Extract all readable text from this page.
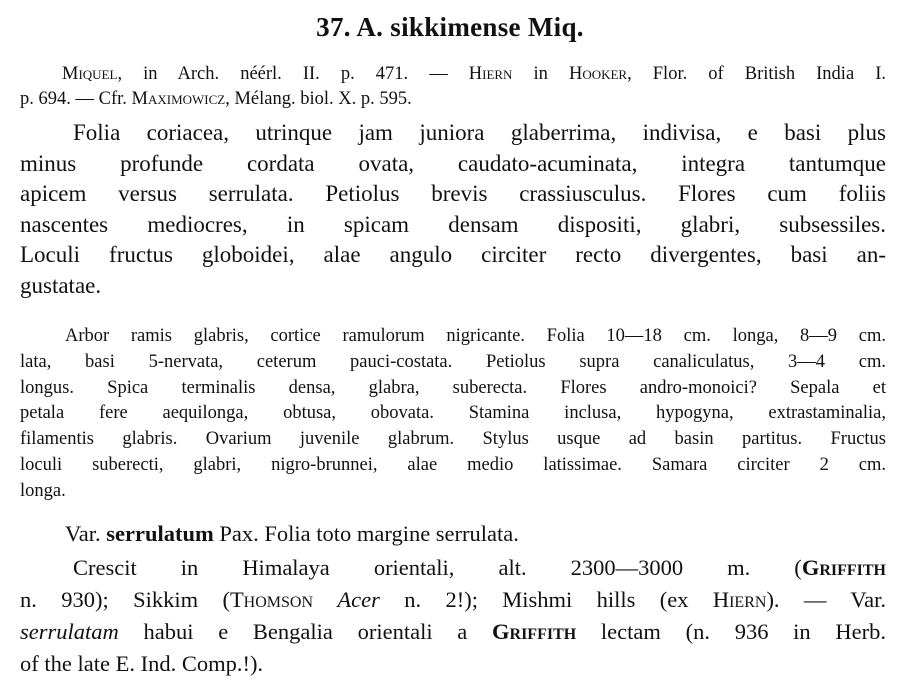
37. A. sikkimense Miq.
Miquel, in Arch. néérl. II. p. 471. — Hiern in Hooker, Flor. of British India I.
p. 694. — Cfr. Maximowicz, Mélang. biol. X. p. 595.
Folia coriacea, utrinque jam juniora glaberrima, indivisa, e basi plus
minus profunde cordata ovata, caudato-acuminata, integra tantumque
apicem versus serrulata. Petiolus brevis crassiusculus. Flores cum foliis
nascentes mediocres, in spicam densam dispositi, glabri, subsessiles.
Loculi fructus globoidei, alae angulo circiter recto divergentes, basi an-
gustatae.
Arbor ramis glabris, cortice ramulorum nigricante. Folia 10—18 cm. longa, 8—9 cm.
lata, basi 5-nervata, ceterum pauci-costata. Petiolus supra canaliculatus, 3—4 cm.
longus. Spica terminalis densa, glabra, suberecta. Flores andro-monoici? Sepala et
petala fere aequilonga, obtusa, obovata. Stamina inclusa, hypogyna, extrastaminalia,
filamentis glabris. Ovarium juvenile glabrum. Stylus usque ad basin partitus. Fructus
loculi suberecti, glabri, nigro-brunnei, alae medio latissimae. Samara circiter 2 cm.
longa.
Var. serrulatum Pax. Folia toto margine serrulata.
Crescit in Himalaya orientali, alt. 2300—3000 m. (Griffith
n. 930); Sikkim (Thomson Acer n. 2!); Mishmi hills (ex Hiern). — Var.
serrulatam habui e Bengalia orientali a Griffith lectam (n. 936 in Herb.
of the late E. Ind. Comp.!).
